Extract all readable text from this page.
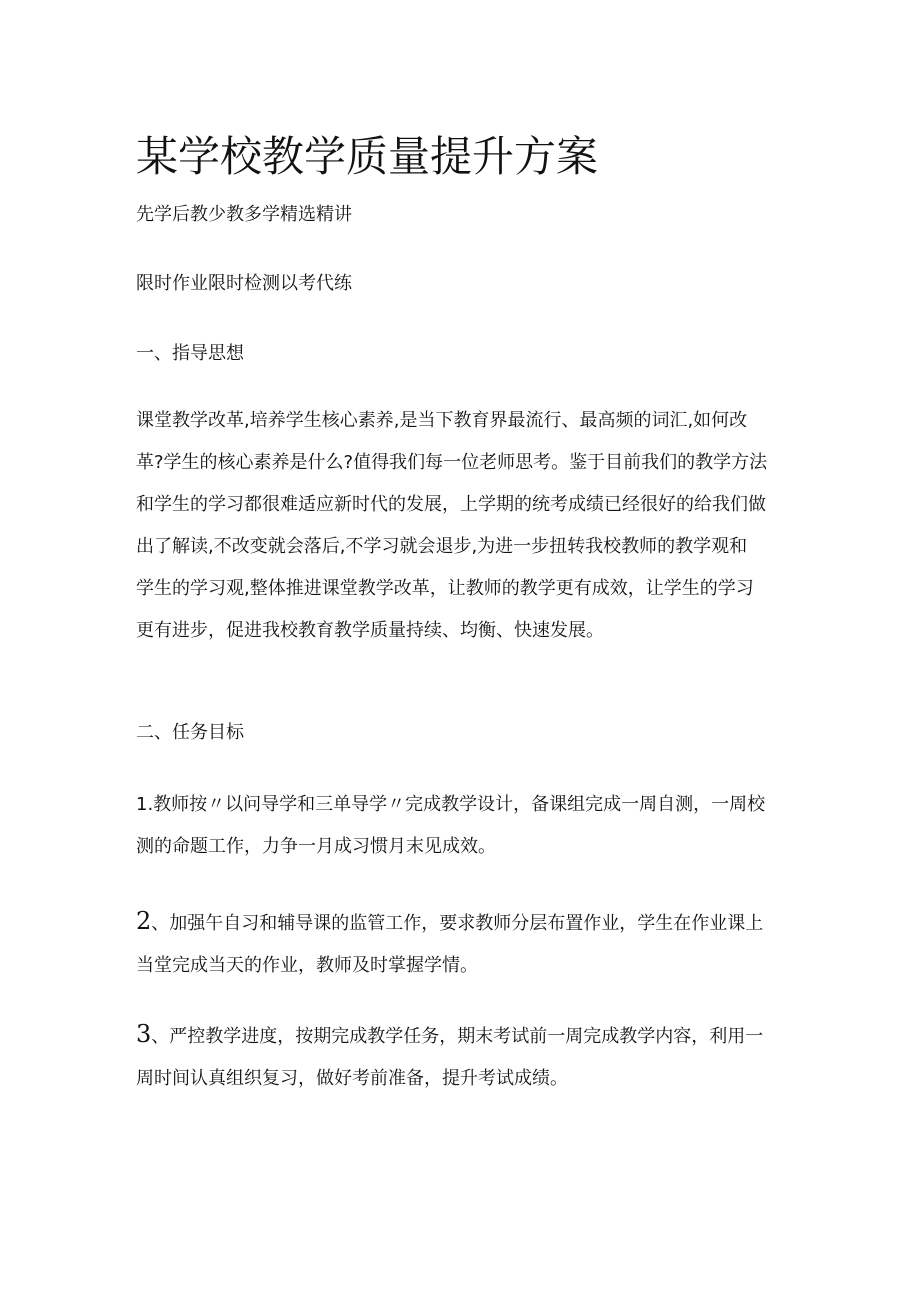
某学校教学质量提升方案

先学后教少教多学精选精讲

限时作业限时检测以考代练

一、指导思想

课堂教学改革,培养学生核心素养,是当下教育界最流行、最高频的词汇,如何改
革?学生的核心素养是什么?值得我们每一位老师思考。鉴于目前我们的教学方法
和学生的学习都很难适应新时代的发展，上学期的统考成绩已经很好的给我们做
出了解读,不改变就会落后,不学习就会退步,为进一步扭转我校教师的教学观和
学生的学习观,整体推进课堂教学改革，让教师的教学更有成效，让学生的学习
更有进步，促进我校教育教学质量持续、均衡、快速发展。

二、任务目标

1.教师按〃以问导学和三单导学〃完成教学设计，备课组完成一周自测，一周校
测的命题工作，力争一月成习惯月末见成效。
2、加强午自习和辅导课的监管工作，要求教师分层布置作业，学生在作业课上
当堂完成当天的作业，教师及时掌握学情。
3、严控教学进度，按期完成教学任务，期末考试前一周完成教学内容，利用一
周时间认真组织复习，做好考前准备，提升考试成绩。
